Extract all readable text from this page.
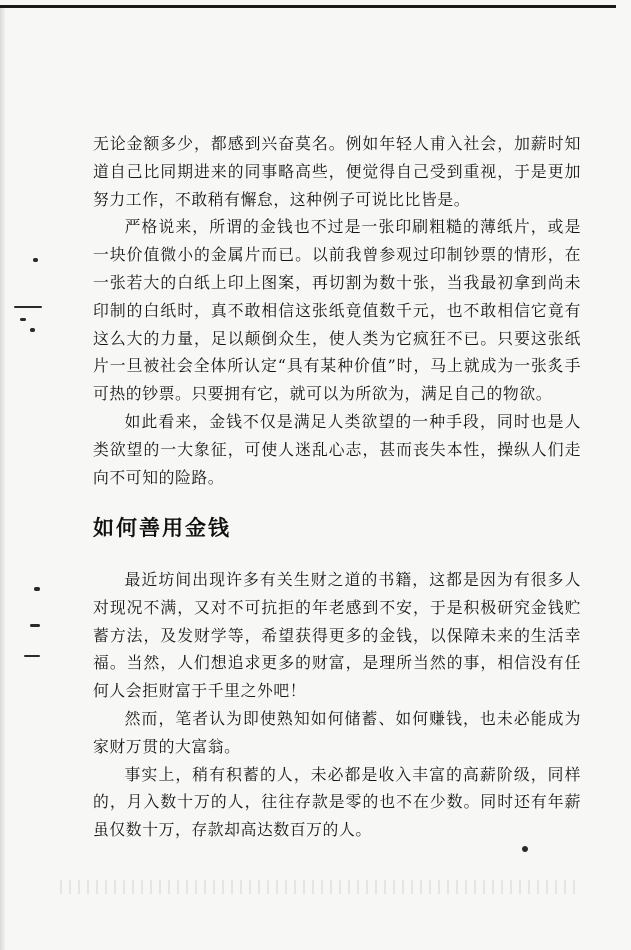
无论金额多少，都感到兴奋莫名。例如年轻人甫入社会，加薪时知道自己比同期进来的同事略高些，便觉得自己受到重视，于是更加努力工作，不敢稍有懈怠，这种例子可说比比皆是。

严格说来，所谓的金钱也不过是一张印刷粗糙的薄纸片，或是一块价值微小的金属片而已。以前我曾参观过印制钞票的情形，在一张若大的白纸上印上图案，再切割为数十张，当我最初拿到尚未印制的白纸时，真不敢相信这张纸竟值数千元，也不敢相信它竟有这么大的力量，足以颠倒众生，使人类为它疯狂不已。只要这张纸片一旦被社会全体所认定“具有某种价值”时，马上就成为一张炙手可热的钞票。只要拥有它，就可以为所欲为，满足自己的物欲。

如此看来，金钱不仅是满足人类欲望的一种手段，同时也是人类欲望的一大象征，可使人迷乱心志，甚而丧失本性，操纵人们走向不可知的险路。

如何善用金钱

最近坊间出现许多有关生财之道的书籍，这都是因为有很多人对现况不满，又对不可抗拒的年老感到不安，于是积极研究金钱贮蓄方法，及发财学等，希望获得更多的金钱，以保障未来的生活幸福。当然，人们想追求更多的财富，是理所当然的事，相信没有任何人会拒财富于千里之外吧！

然而，笔者认为即使熟知如何储蓄、如何赚钱，也未必能成为家财万贯的大富翁。

事实上，稍有积蓄的人，未必都是收入丰富的高薪阶级，同样的，月入数十万的人，往往存款是零的也不在少数。同时还有年薪虽仅数十万，存款却高达数百万的人。
